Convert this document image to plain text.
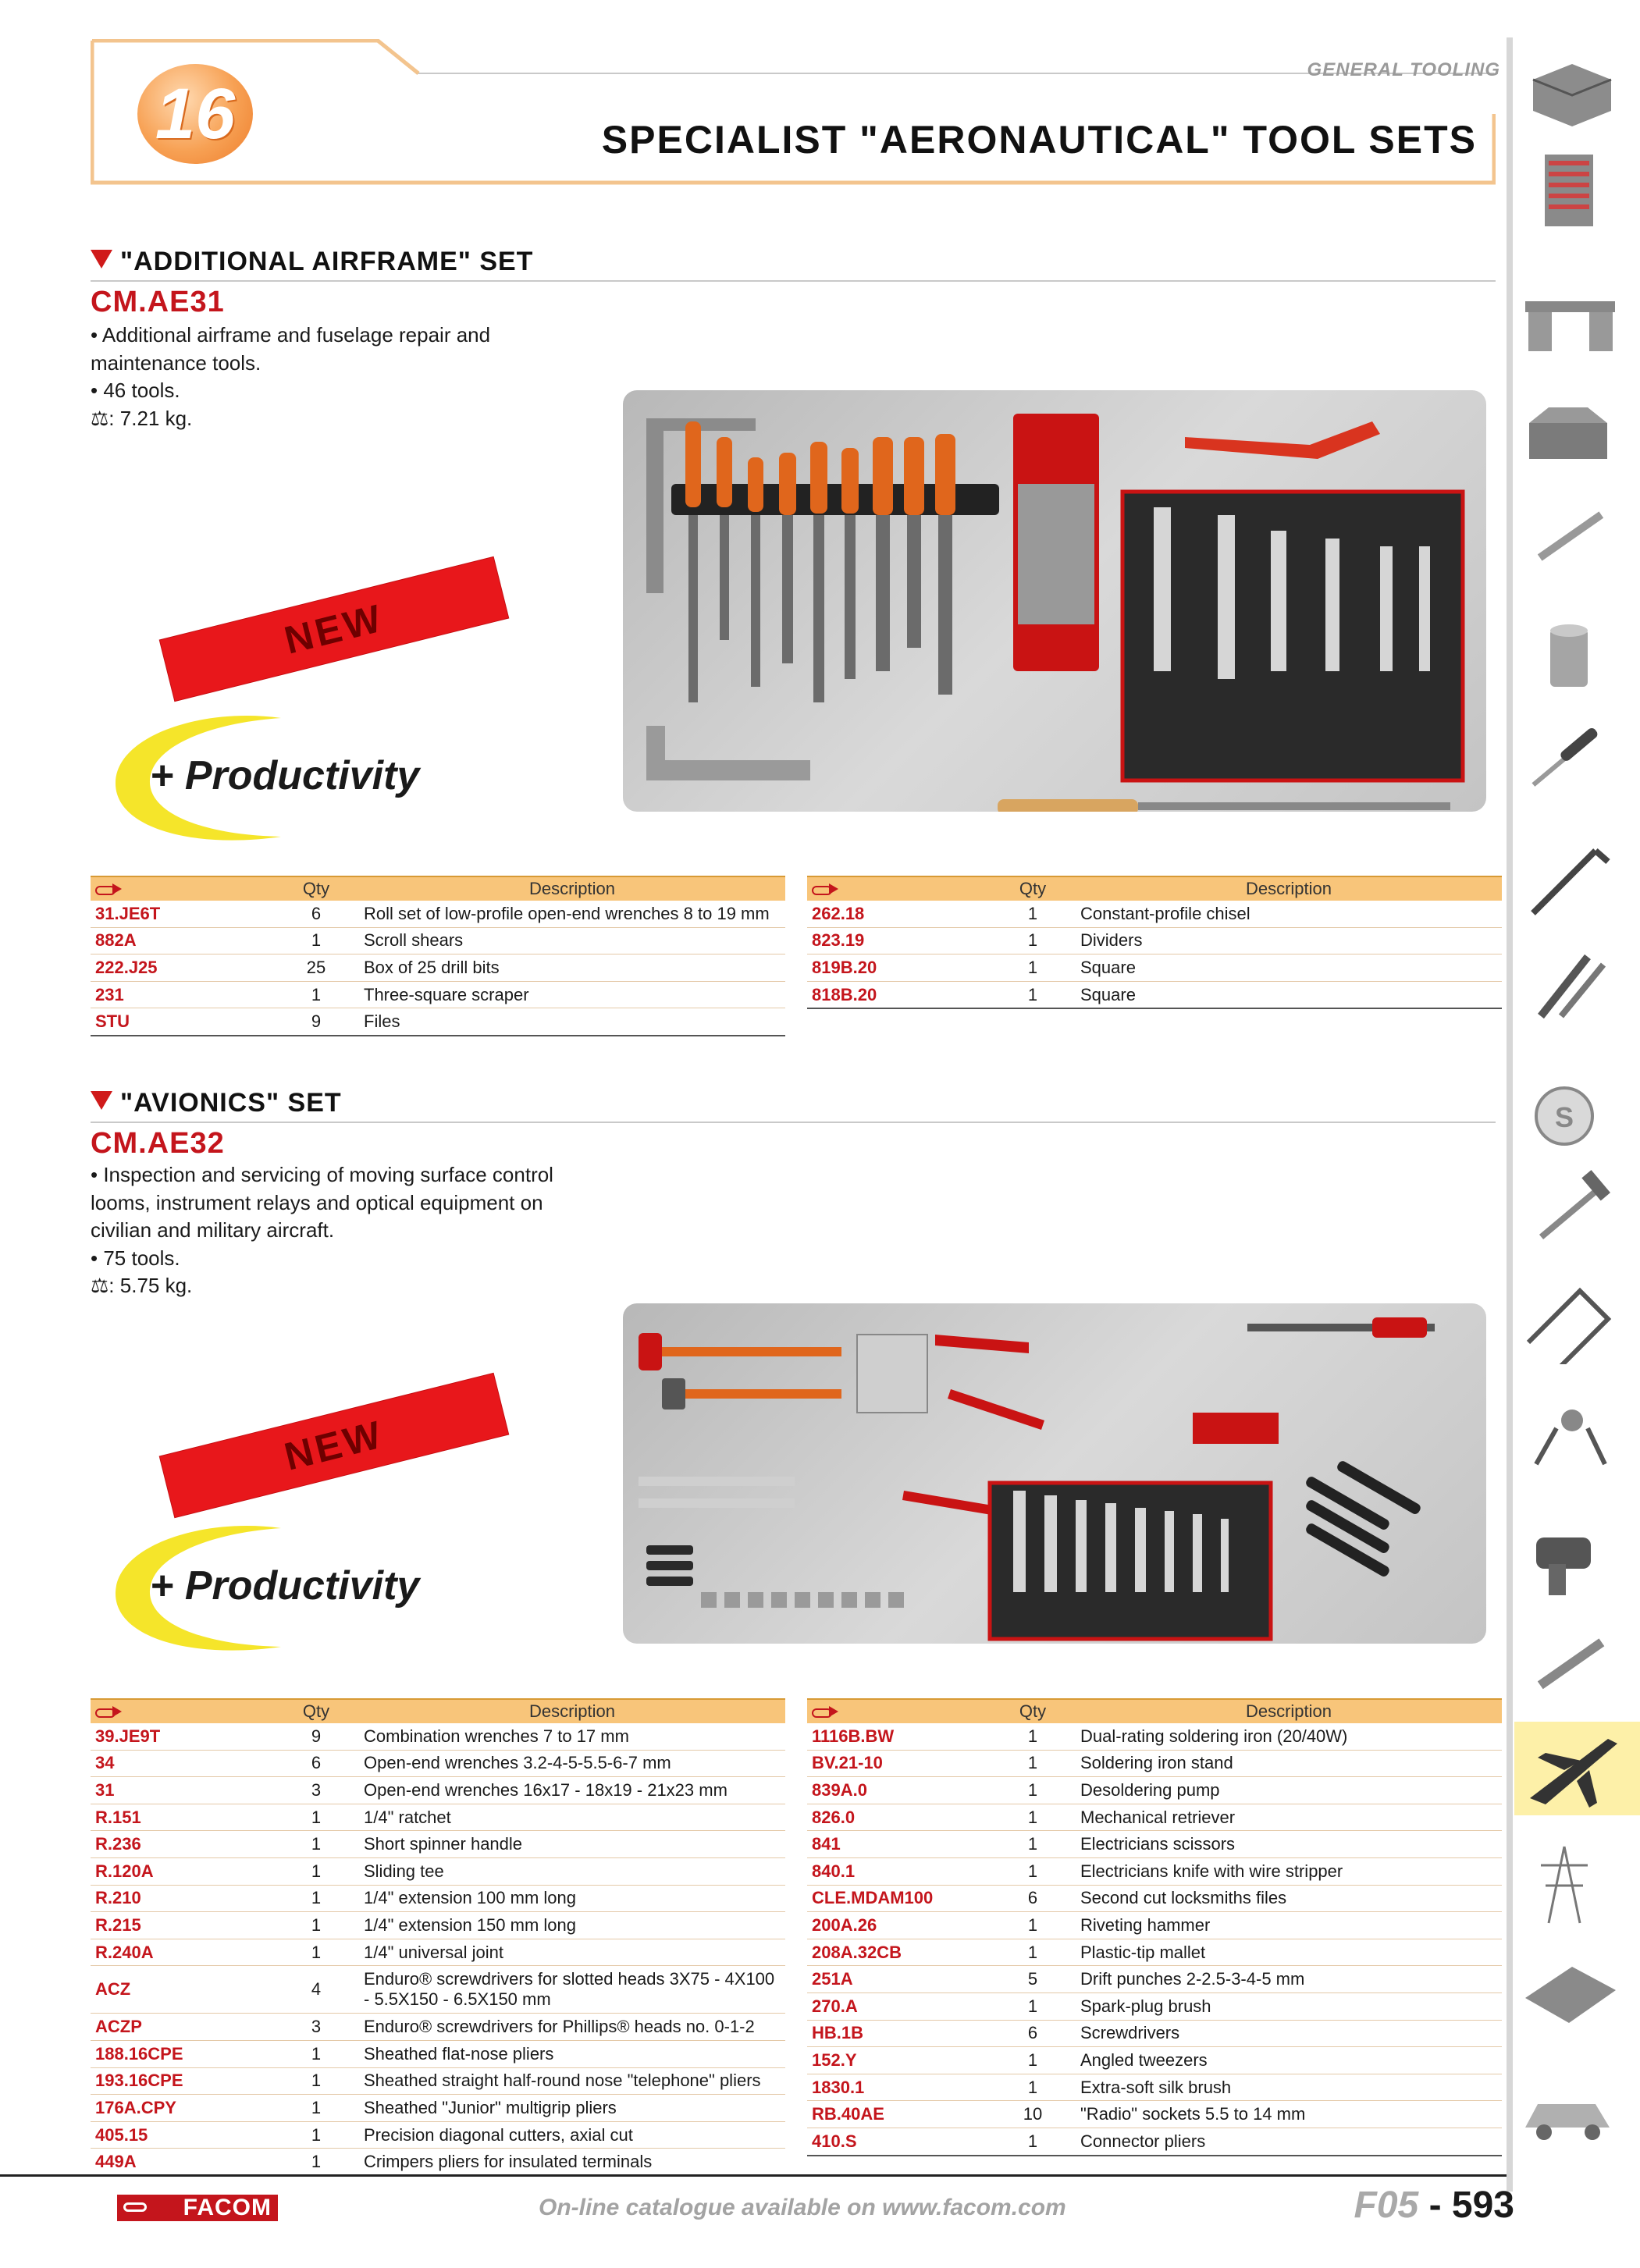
16
GENERAL TOOLING
SPECIALIST "AERONAUTICAL" TOOL SETS
"ADDITIONAL AIRFRAME" SET
CM.AE31
• Additional airframe and fuselage repair and
maintenance tools.
• 46 tools.
⚖: 7.21 kg.
NEW
+ Productivity
	Qty	Description
31.JE6T	6	Roll set of low-profile open-end wrenches 8 to 19 mm
882A	1	Scroll shears
222.J25	25	Box of 25 drill bits
231	1	Three-square scraper
STU	9	Files
	Qty	Description
262.18	1	Constant-profile chisel
823.19	1	Dividers
819B.20	1	Square
818B.20	1	Square
"AVIONICS" SET
CM.AE32
• Inspection and servicing of moving surface control
looms, instrument relays and optical equipment on
civilian and military aircraft.
• 75 tools.
⚖: 5.75 kg.
NEW
+ Productivity
	Qty	Description
39.JE9T	9	Combination wrenches 7 to 17 mm
34	6	Open-end wrenches 3.2-4-5-5.5-6-7 mm
31	3	Open-end wrenches 16x17 - 18x19 - 21x23 mm
R.151	1	1/4" ratchet
R.236	1	Short spinner handle
R.120A	1	Sliding tee
R.210	1	1/4" extension 100 mm long
R.215	1	1/4" extension 150 mm long
R.240A	1	1/4" universal joint
ACZ	4	Enduro® screwdrivers for slotted heads 3X75 - 4X100 - 5.5X150 - 6.5X150 mm
ACZP	3	Enduro® screwdrivers for Phillips® heads no. 0-1-2
188.16CPE	1	Sheathed flat-nose pliers
193.16CPE	1	Sheathed straight half-round nose "telephone" pliers
176A.CPY	1	Sheathed "Junior" multigrip pliers
405.15	1	Precision diagonal cutters, axial cut
449A	1	Crimpers pliers for insulated terminals
	Qty	Description
1116B.BW	1	Dual-rating soldering iron (20/40W)
BV.21-10	1	Soldering iron stand
839A.0	1	Desoldering pump
826.0	1	Mechanical retriever
841	1	Electricians scissors
840.1	1	Electricians knife with wire stripper
CLE.MDAM100	6	Second cut locksmiths files
200A.26	1	Riveting hammer
208A.32CB	1	Plastic-tip mallet
251A	5	Drift punches 2-2.5-3-4-5 mm
270.A	1	Spark-plug brush
HB.1B	6	Screwdrivers
152.Y	1	Angled tweezers
1830.1	1	Extra-soft silk brush
RB.40AE	10	"Radio" sockets 5.5 to 14 mm
410.S	1	Connector pliers
S
FACOM	On-line catalogue available on www.facom.com	F05 - 593
